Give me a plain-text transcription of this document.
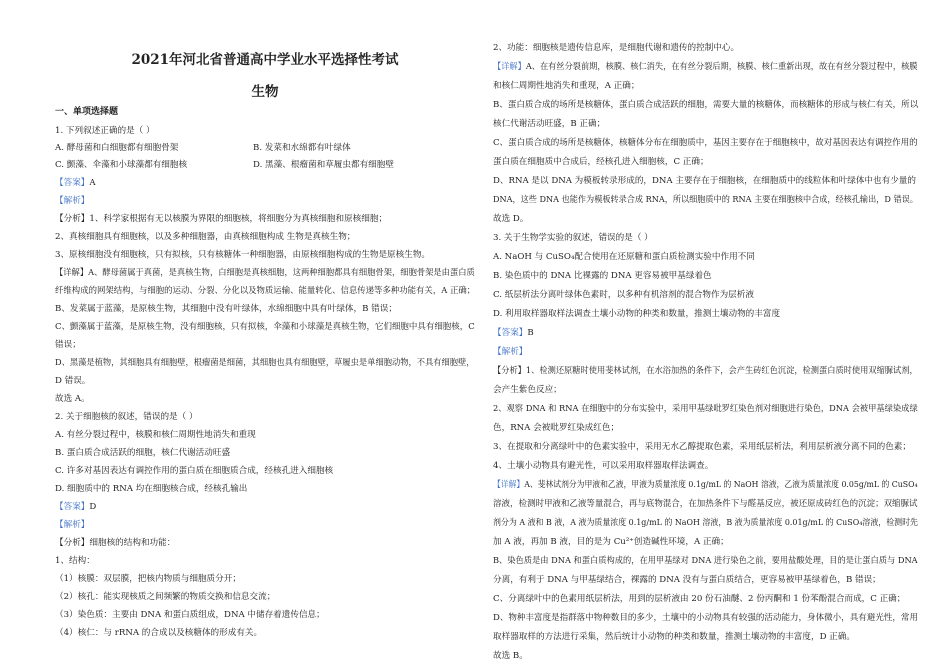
2021年河北省普通高中学业水平选择性考试
生物
一、单项选择题
1. 下列叙述正确的是（ ）
A. 酵母菌和白细胞都有细胞骨架	B. 发菜和水绵都有叶绿体
C. 颤藻、伞藻和小球藻都有细胞核	D. 黑藻、根瘤菌和草履虫都有细胞壁
【答案】A
【解析】
【分析】1、科学家根据有无以核膜为界限的细胞核，将细胞分为真核细胞和原核细胞；
2、真核细胞具有细胞核，以及多种细胞器，由真核细胞构成 生物是真核生物；
3、原核细胞没有细胞核，只有拟核，只有核糖体一种细胞器，由原核细胞构成的生物是原核生物。
【详解】A、酵母菌属于真菌，是真核生物，白细胞是真核细胞，这两种细胞都具有细胞骨架，细胞骨架是由蛋白质
纤维构成的网架结构，与细胞的运动、分裂、分化以及物质运输、能量转化、信息传递等多种功能有关，A 正确；
B、发菜属于蓝藻，是原核生物，其细胞中没有叶绿体，水绵细胞中具有叶绿体，B 错误；
C、颤藻属于蓝藻，是原核生物，没有细胞核，只有拟核，伞藻和小球藻是真核生物，它们细胞中具有细胞核，C
错误；
D、黑藻是植物，其细胞具有细胞壁，根瘤菌是细菌，其细胞也具有细胞壁，草履虫是单细胞动物，不具有细胞壁，
D 错误。
故选 A。
2. 关于细胞核的叙述，错误的是（ ）
A. 有丝分裂过程中，核膜和核仁周期性地消失和重现
B. 蛋白质合成活跃的细胞，核仁代谢活动旺盛
C. 许多对基因表达有调控作用的蛋白质在细胞质合成，经核孔进入细胞核
D. 细胞质中的 RNA 均在细胞核合成，经核孔输出
【答案】D
【解析】
【分析】细胞核的结构和功能：
1、结构：
（1）核膜：双层膜，把核内物质与细胞质分开；
（2）核孔：能实现核质之间频繁的物质交换和信息交流；
（3）染色质：主要由 DNA 和蛋白质组成，DNA 中储存着遗传信息；
（4）核仁：与 rRNA 的合成以及核糖体的形成有关。
2、功能：细胞核是遗传信息库，是细胞代谢和遗传的控制中心。
【详解】A、在有丝分裂前期，核膜、核仁消失，在有丝分裂后期，核膜、核仁重新出现，故在有丝分裂过程中，核膜
和核仁周期性地消失和重现，A 正确；
B、蛋白质合成的场所是核糖体，蛋白质合成活跃的细胞，需要大量的核糖体，而核糖体的形成与核仁有关，所以
核仁代谢活动旺盛，B 正确；
C、蛋白质合成的场所是核糖体，核糖体分布在细胞质中，基因主要存在于细胞核中，故对基因表达有调控作用的
蛋白质在细胞质中合成后，经核孔进入细胞核，C 正确；
D、RNA 是以 DNA 为模板转录形成的，DNA 主要存在于细胞核，在细胞质中的线粒体和叶绿体中也有少量的
DNA，这些 DNA 也能作为模板转录合成 RNA，所以细胞质中的 RNA 主要在细胞核中合成，经核孔输出，D 错误。
故选 D。
3. 关于生物学实验的叙述，错误的是（ ）
A. NaOH 与 CuSO₄配合使用在还原糖和蛋白质检测实验中作用不同
B. 染色质中的 DNA 比裸露的 DNA 更容易被甲基绿着色
C. 纸层析法分离叶绿体色素时，以多种有机溶剂的混合物作为层析液
D. 利用取样器取样法调查土壤小动物的种类和数量，推测土壤动物的丰富度
【答案】B
【解析】
【分析】1、检测还原糖时使用斐林试剂，在水浴加热的条件下，会产生砖红色沉淀，检测蛋白质时使用双缩脲试剂，
会产生紫色反应；
2、观察 DNA 和 RNA 在细胞中的分布实验中，采用甲基绿吡罗红染色剂对细胞进行染色，DNA 会被甲基绿染成绿
色，RNA 会被吡罗红染成红色；
3、在提取和分离绿叶中的色素实验中，采用无水乙醇提取色素，采用纸层析法，利用层析液分离不同的色素；
4、土壤小动物具有避光性，可以采用取样器取样法调查。
【详解】A、斐林试剂分为甲液和乙液，甲液为质量浓度 0.1g/mL 的 NaOH 溶液，乙液为质量浓度 0.05g/mL 的 CuSO₄
溶液，检测时甲液和乙液等量混合，再与底物混合，在加热条件下与醛基反应，被还原成砖红色的沉淀；双缩脲试
剂分为 A 液和 B 液，A 液为质量浓度 0.1g/mL 的 NaOH 溶液，B 液为质量浓度 0.01g/mL 的 CuSO₄溶液，检测时先
加 A 液，再加 B 液，目的是为 Cu²⁺创造碱性环境，A 正确；
B、染色质是由 DNA 和蛋白质构成的，在用甲基绿对 DNA 进行染色之前，要用盐酸处理，目的是让蛋白质与 DNA
分离，有利于 DNA 与甲基绿结合，裸露的 DNA 没有与蛋白质结合，更容易被甲基绿着色，B 错误；
C、分离绿叶中的色素用纸层析法，用到的层析液由 20 份石油醚、2 份丙酮和 1 份苯酚混合而成，C 正确；
D、物种丰富度是指群落中物种数目的多少，土壤中的小动物具有较强的活动能力，身体微小，具有避光性，常用
取样器取样的方法进行采集，然后统计小动物的种类和数量，推测土壤动物的丰富度，D 正确。
故选 B。
